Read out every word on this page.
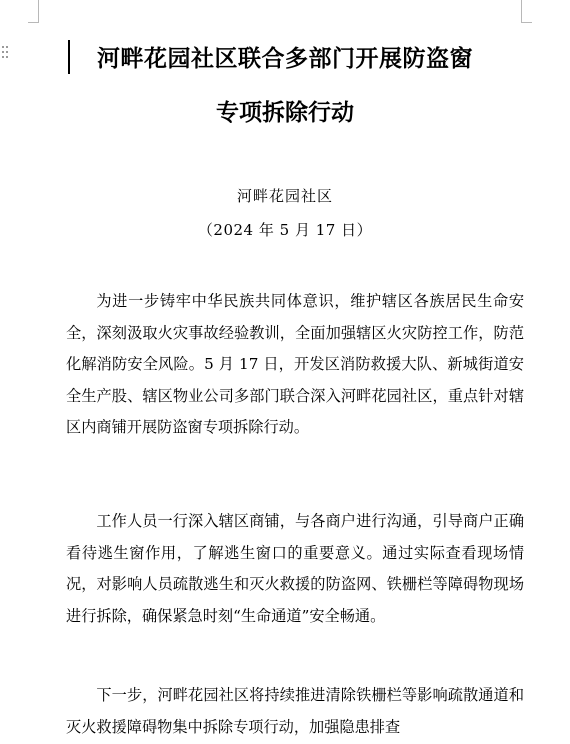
河畔花园社区联合多部门开展防盗窗
专项拆除行动
河畔花园社区
（2024 年 5 月 17 日）

为进一步铸牢中华民族共同体意识，维护辖区各族居民生命安全，深刻汲取火灾事故经验教训，全面加强辖区火灾防控工作，防范化解消防安全风险。5 月 17 日，开发区消防救援大队、新城街道安全生产股、辖区物业公司多部门联合深入河畔花园社区，重点针对辖区内商铺开展防盗窗专项拆除行动。

工作人员一行深入辖区商铺，与各商户进行沟通，引导商户正确看待逃生窗作用，了解逃生窗口的重要意义。通过实际查看现场情况，对影响人员疏散逃生和灭火救援的防盗网、铁栅栏等障碍物现场进行拆除，确保紧急时刻“生命通道”安全畅通。

下一步，河畔花园社区将持续推进清除铁栅栏等影响疏散通道和灭火救援障碍物集中拆除专项行动，加强隐患排查
